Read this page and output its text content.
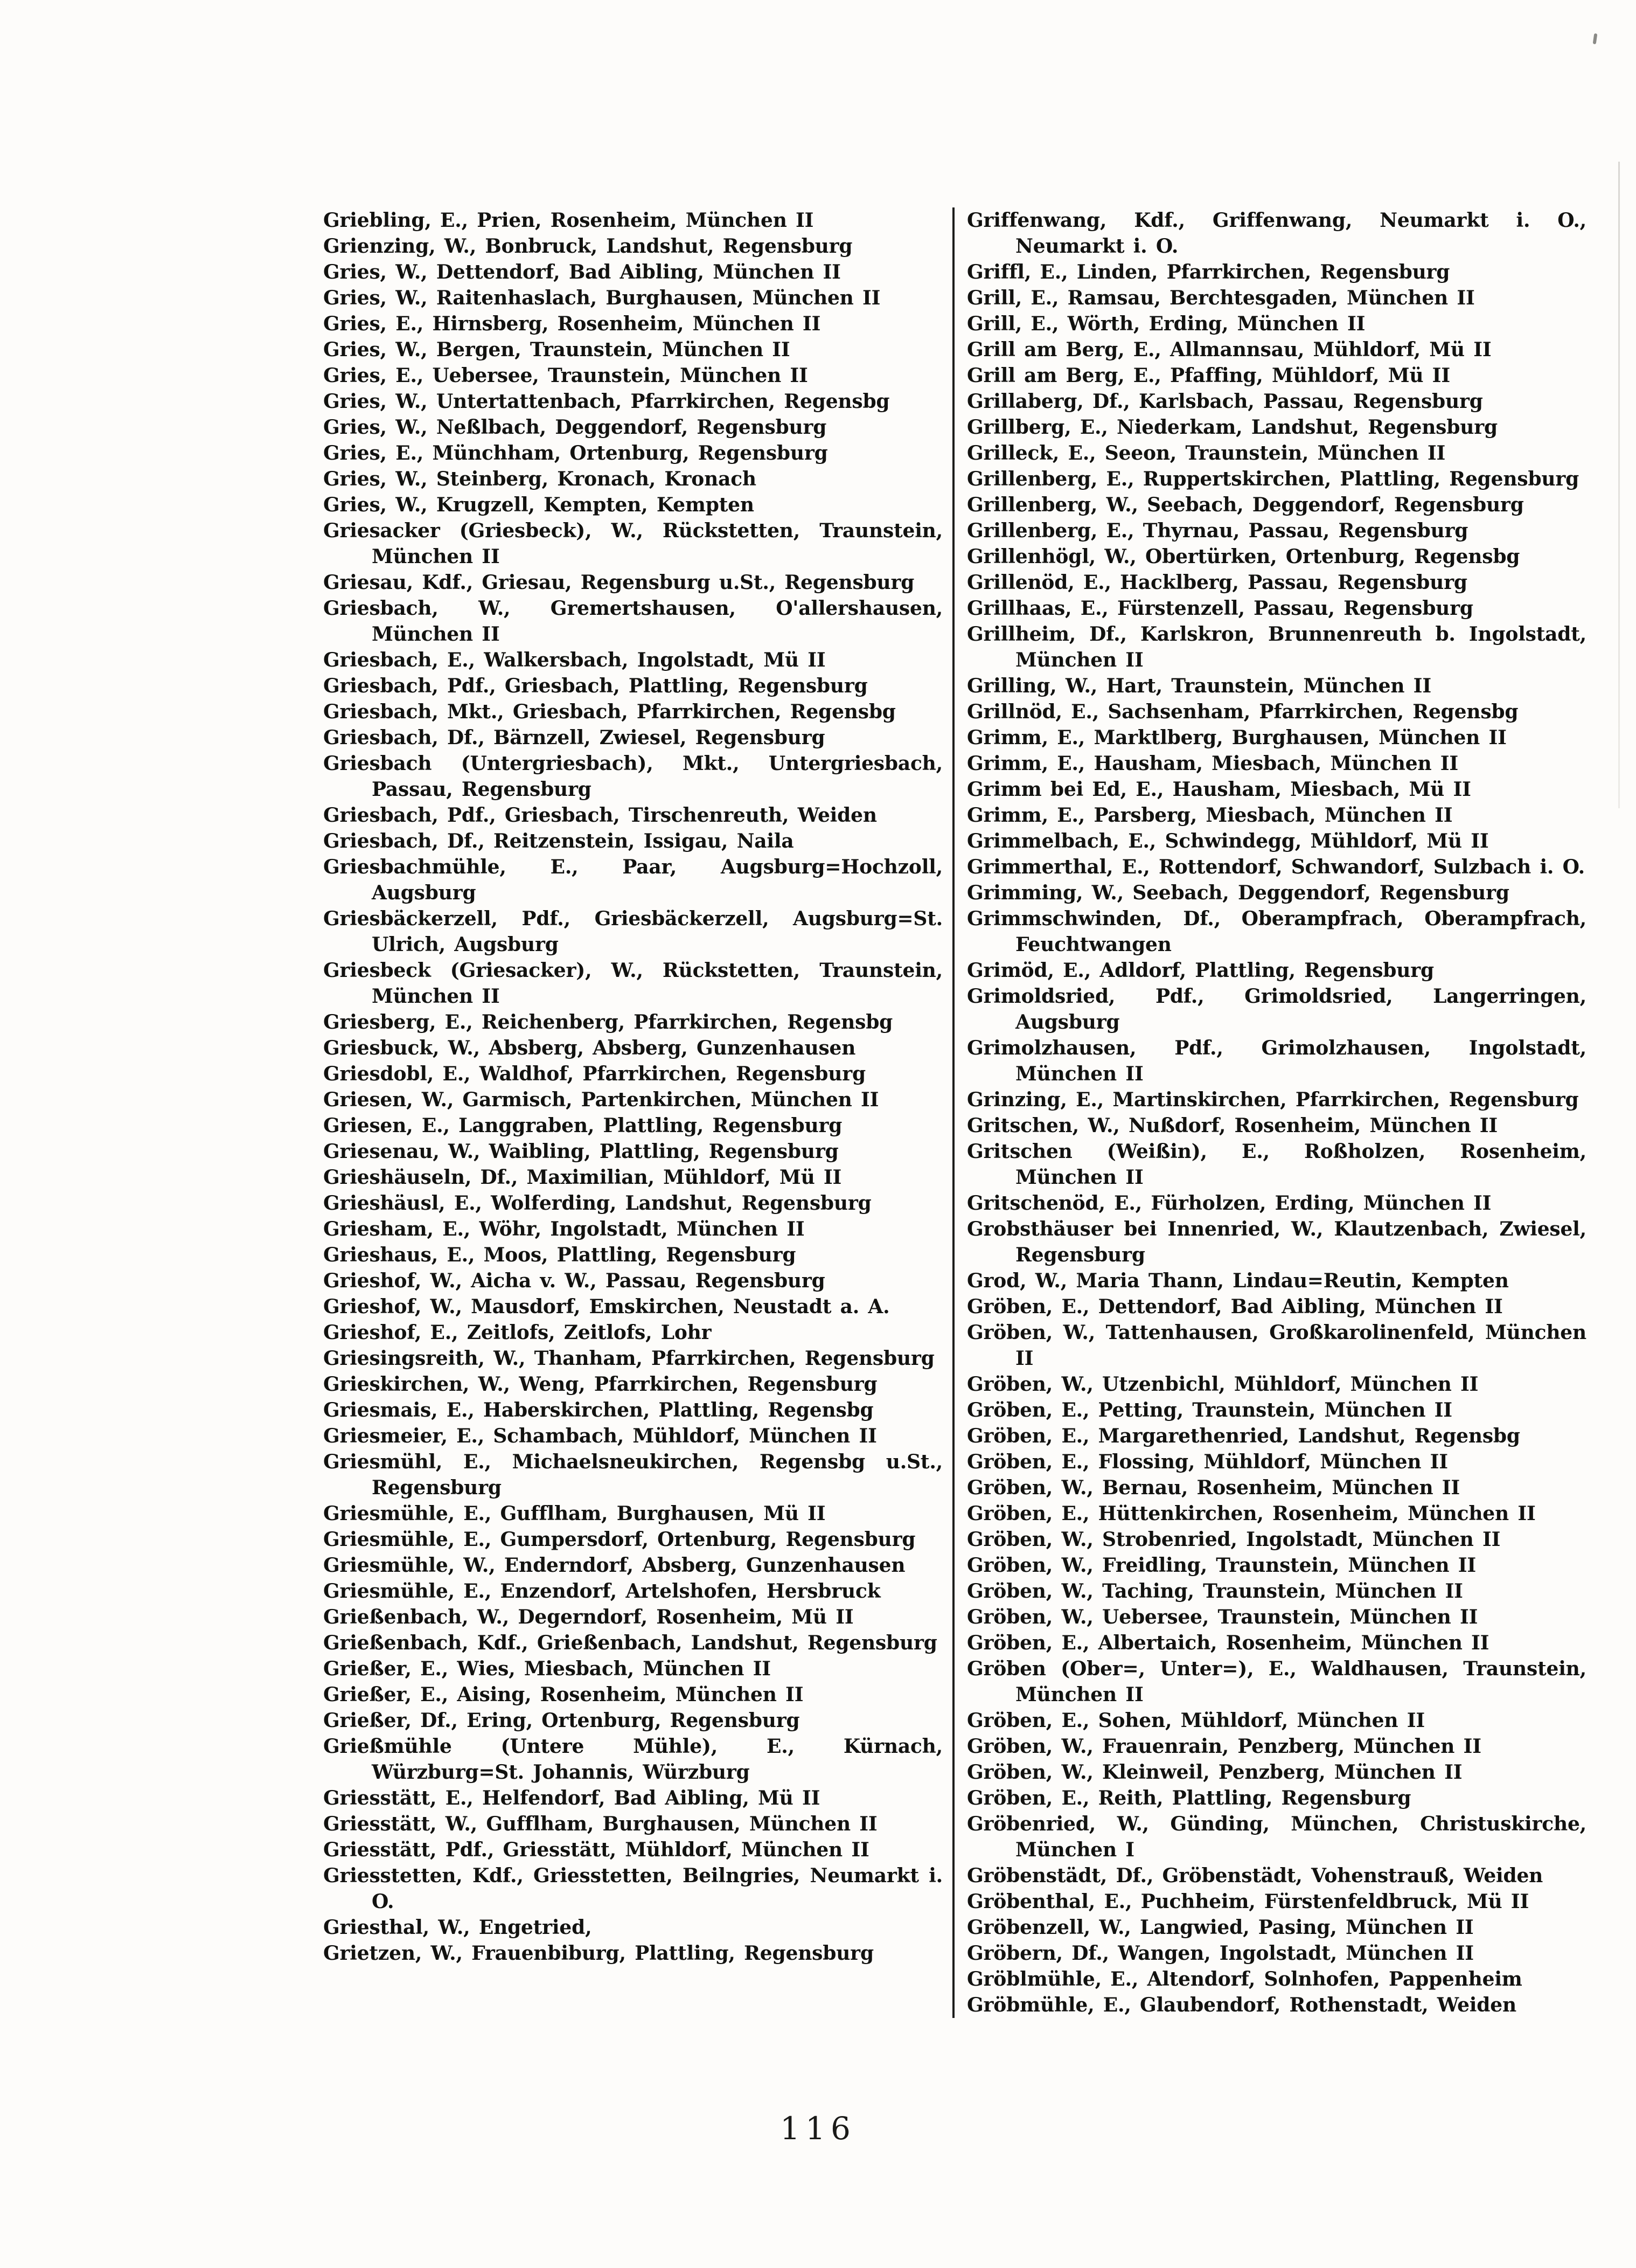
Griebling, E., Prien, Rosenheim, München II
Grienzing, W., Bonbruck, Landshut, Regensburg
Gries, W., Dettendorf, Bad Aibling, München II
Gries, W., Raitenhaslach, Burghausen, München II
Gries, E., Hirnsberg, Rosenheim, München II
Gries, W., Bergen, Traunstein, München II
Gries, E., Uebersee, Traunstein, München II
Gries, W., Untertattenbach, Pfarrkirchen, Regensbg
Gries, W., Neßlbach, Deggendorf, Regensburg
Gries, E., Münchham, Ortenburg, Regensburg
Gries, W., Steinberg, Kronach, Kronach
Gries, W., Krugzell, Kempten, Kempten
Griesacker (Griesbeck), W., Rückstetten, Traunstein, München II
Griesau, Kdf., Griesau, Regensburg u.St., Regensburg
Griesbach, W., Gremertshausen, O'allershausen, München II
Griesbach, E., Walkersbach, Ingolstadt, Mü II
Griesbach, Pdf., Griesbach, Plattling, Regensburg
Griesbach, Mkt., Griesbach, Pfarrkirchen, Regensbg
Griesbach, Df., Bärnzell, Zwiesel, Regensburg
Griesbach (Untergriesbach), Mkt., Untergriesbach, Passau, Regensburg
Griesbach, Pdf., Griesbach, Tirschenreuth, Weiden
Griesbach, Df., Reitzenstein, Issigau, Naila
Griesbachmühle, E., Paar, Augsburg=Hochzoll, Augsburg
Griesbäckerzell, Pdf., Griesbäckerzell, Augsburg=St. Ulrich, Augsburg
Griesbeck (Griesacker), W., Rückstetten, Traunstein, München II
Griesberg, E., Reichenberg, Pfarrkirchen, Regensbg
Griesbuck, W., Absberg, Absberg, Gunzenhausen
Griesdobl, E., Waldhof, Pfarrkirchen, Regensburg
Griesen, W., Garmisch, Partenkirchen, München II
Griesen, E., Langgraben, Plattling, Regensburg
Griesenau, W., Waibling, Plattling, Regensburg
Grieshäuseln, Df., Maximilian, Mühldorf, Mü II
Grieshäusl, E., Wolferding, Landshut, Regensburg
Griesham, E., Wöhr, Ingolstadt, München II
Grieshaus, E., Moos, Plattling, Regensburg
Grieshof, W., Aicha v. W., Passau, Regensburg
Grieshof, W., Mausdorf, Emskirchen, Neustadt a. A.
Grieshof, E., Zeitlofs, Zeitlofs, Lohr
Griesingsreith, W., Thanham, Pfarrkirchen, Regensburg
Grieskirchen, W., Weng, Pfarrkirchen, Regensburg
Griesmais, E., Haberskirchen, Plattling, Regensbg
Griesmeier, E., Schambach, Mühldorf, München II
Griesmühl, E., Michaelsneukirchen, Regensbg u.St., Regensburg
Griesmühle, E., Gufflham, Burghausen, Mü II
Griesmühle, E., Gumpersdorf, Ortenburg, Regensburg
Griesmühle, W., Enderndorf, Absberg, Gunzenhausen
Griesmühle, E., Enzendorf, Artelshofen, Hersbruck
Grießenbach, W., Degerndorf, Rosenheim, Mü II
Grießenbach, Kdf., Grießenbach, Landshut, Regensburg
Grießer, E., Wies, Miesbach, München II
Grießer, E., Aising, Rosenheim, München II
Grießer, Df., Ering, Ortenburg, Regensburg
Grießmühle (Untere Mühle), E., Kürnach, Würzburg=St. Johannis, Würzburg
Griesstätt, E., Helfendorf, Bad Aibling, Mü II
Griesstätt, W., Gufflham, Burghausen, München II
Griesstätt, Pdf., Griesstätt, Mühldorf, München II
Griesstetten, Kdf., Griesstetten, Beilngries, Neumarkt i. O.
Griesthal, W., Engetried,
Grietzen, W., Frauenbiburg, Plattling, Regensburg
Griffenwang, Kdf., Griffenwang, Neumarkt i. O., Neumarkt i. O.
Griffl, E., Linden, Pfarrkirchen, Regensburg
Grill, E., Ramsau, Berchtesgaden, München II
Grill, E., Wörth, Erding, München II
Grill am Berg, E., Allmannsau, Mühldorf, Mü II
Grill am Berg, E., Pfaffing, Mühldorf, Mü II
Grillaberg, Df., Karlsbach, Passau, Regensburg
Grillberg, E., Niederkam, Landshut, Regensburg
Grilleck, E., Seeon, Traunstein, München II
Grillenberg, E., Ruppertskirchen, Plattling, Regensburg
Grillenberg, W., Seebach, Deggendorf, Regensburg
Grillenberg, E., Thyrnau, Passau, Regensburg
Grillenhögl, W., Obertürken, Ortenburg, Regensbg
Grillenöd, E., Hacklberg, Passau, Regensburg
Grillhaas, E., Fürstenzell, Passau, Regensburg
Grillheim, Df., Karlskron, Brunnenreuth b. Ingolstadt, München II
Grilling, W., Hart, Traunstein, München II
Grillnöd, E., Sachsenham, Pfarrkirchen, Regensbg
Grimm, E., Marktlberg, Burghausen, München II
Grimm, E., Hausham, Miesbach, München II
Grimm bei Ed, E., Hausham, Miesbach, Mü II
Grimm, E., Parsberg, Miesbach, München II
Grimmelbach, E., Schwindegg, Mühldorf, Mü II
Grimmerthal, E., Rottendorf, Schwandorf, Sulzbach i. O.
Grimming, W., Seebach, Deggendorf, Regensburg
Grimmschwinden, Df., Oberampfrach, Oberampfrach, Feuchtwangen
Grimöd, E., Adldorf, Plattling, Regensburg
Grimoldsried, Pdf., Grimoldsried, Langerringen, Augsburg
Grimolzhausen, Pdf., Grimolzhausen, Ingolstadt, München II
Grinzing, E., Martinskirchen, Pfarrkirchen, Regensburg
Gritschen, W., Nußdorf, Rosenheim, München II
Gritschen (Weißin), E., Roßholzen, Rosenheim, München II
Gritschenöd, E., Fürholzen, Erding, München II
Grobsthäuser bei Innenried, W., Klautzenbach, Zwiesel, Regensburg
Grod, W., Maria Thann, Lindau=Reutin, Kempten
Gröben, E., Dettendorf, Bad Aibling, München II
Gröben, W., Tattenhausen, Großkarolinenfeld, München II
Gröben, W., Utzenbichl, Mühldorf, München II
Gröben, E., Petting, Traunstein, München II
Gröben, E., Margarethenried, Landshut, Regensbg
Gröben, E., Flossing, Mühldorf, München II
Gröben, W., Bernau, Rosenheim, München II
Gröben, E., Hüttenkirchen, Rosenheim, München II
Gröben, W., Strobenried, Ingolstadt, München II
Gröben, W., Freidling, Traunstein, München II
Gröben, W., Taching, Traunstein, München II
Gröben, W., Uebersee, Traunstein, München II
Gröben, E., Albertaich, Rosenheim, München II
Gröben (Ober=, Unter=), E., Waldhausen, Traunstein, München II
Gröben, E., Sohen, Mühldorf, München II
Gröben, W., Frauenrain, Penzberg, München II
Gröben, W., Kleinweil, Penzberg, München II
Gröben, E., Reith, Plattling, Regensburg
Gröbenried, W., Günding, München, Christuskirche, München I
Gröbenstädt, Df., Gröbenstädt, Vohenstrauß, Weiden
Gröbenthal, E., Puchheim, Fürstenfeldbruck, Mü II
Gröbenzell, W., Langwied, Pasing, München II
Gröbern, Df., Wangen, Ingolstadt, München II
Gröblmühle, E., Altendorf, Solnhofen, Pappenheim
Gröbmühle, E., Glaubendorf, Rothenstadt, Weiden
116
